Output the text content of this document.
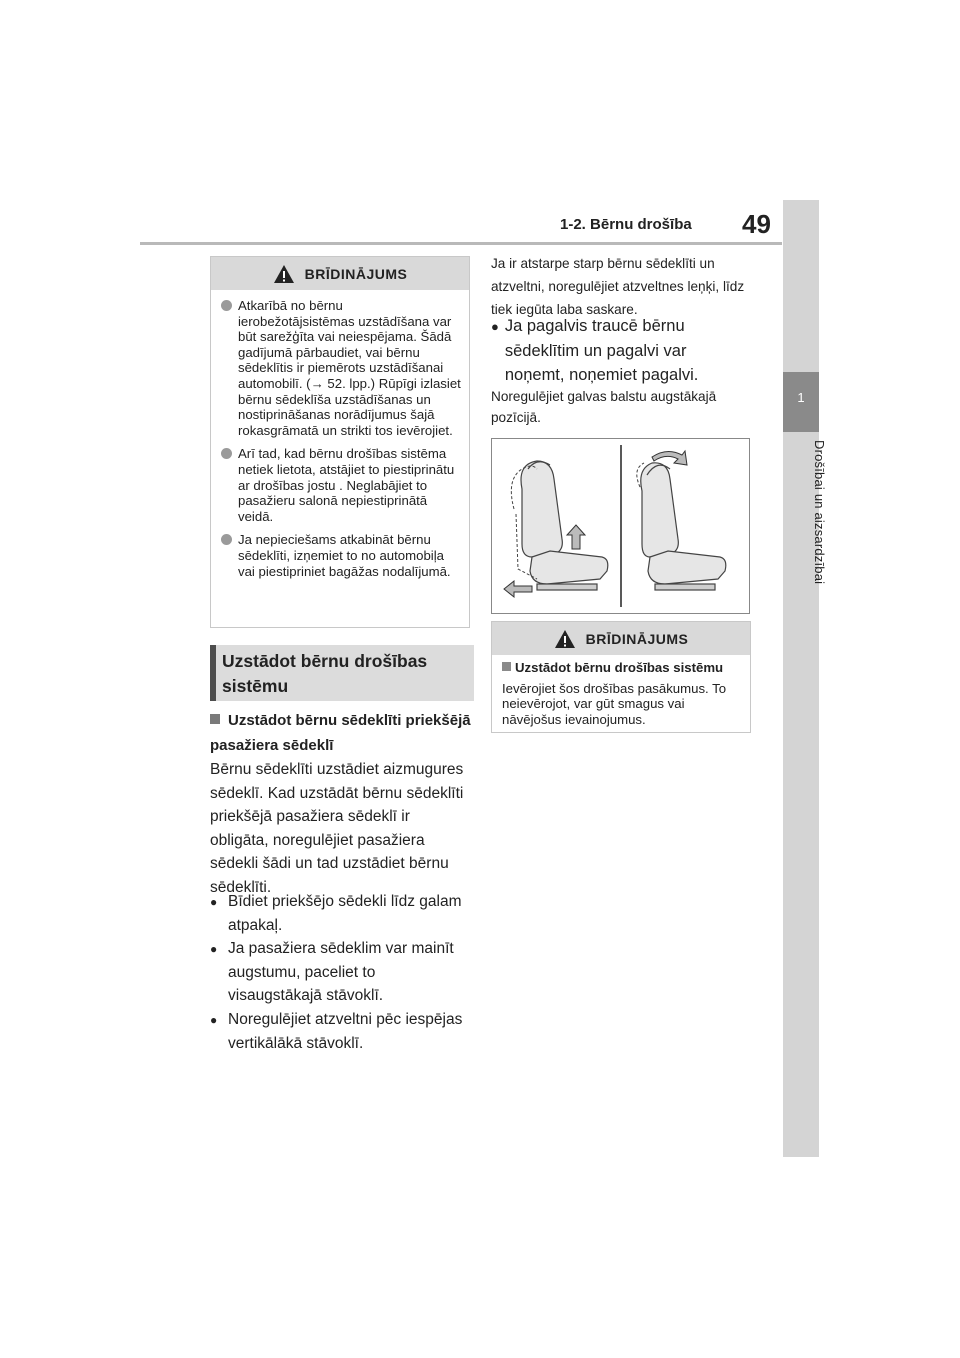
1-2. Bērnu drošība 49
1
Drošībai un aizsardzībai
BRĪDINĀJUMS
Atkarībā no bērnu ierobežotājsistēmas uzstādīšana var būt sarežģīta vai neiespējama. Šādā gadījumā pārbaudiet, vai bērnu sēdeklītis ir piemērots uzstādīšanai automobilī. (→ 52. lpp.) Rūpīgi izlasiet bērnu sēdeklīša uzstādīšanas un nostiprināšanas norādījumus šajā rokasgrāmatā un strikti tos ievērojiet.
Arī tad, kad bērnu drošības sistēma netiek lietota, atstājiet to piestiprinātu ar drošības jostu . Neglabājiet to pasažieru salonā nepiestiprinātā veidā.
Ja nepieciešams atkabināt bērnu sēdeklīti, izņemiet to no automobiļa vai piestipriniet bagāžas nodalījumā.
Uzstādot bērnu drošības sistēmu
Uzstādot bērnu sēdeklīti priekšējā pasažiera sēdeklī
Bērnu sēdeklīti uzstādiet aizmugures sēdeklī. Kad uzstādāt bērnu sēdeklīti priekšējā pasažiera sēdeklī ir obligāta, noregulējiet pasažiera sēdekli šādi un tad uzstādiet bērnu sēdeklīti.
● Bīdiet priekšējo sēdekli līdz galam atpakaļ.
● Ja pasažiera sēdeklim var mainīt augstumu, paceliet to visaugstākajā stāvoklī.
● Noregulējiet atzveltni pēc iespējas vertikālākā stāvoklī.
Ja ir atstarpe starp bērnu sēdeklīti un atzveltni, noregulējiet atzveltnes leņķi, līdz tiek iegūta laba saskare.
● Ja pagalvis traucē bērnu sēdeklītim un pagalvi var noņemt, noņemiet pagalvi.
Noregulējiet galvas balstu augstākajā pozīcijā.
BRĪDINĀJUMS
Uzstādot bērnu drošības sistēmu
Ievērojiet šos drošības pasākumus. To neievērojot, var gūt smagus vai nāvējošus ievainojumus.
